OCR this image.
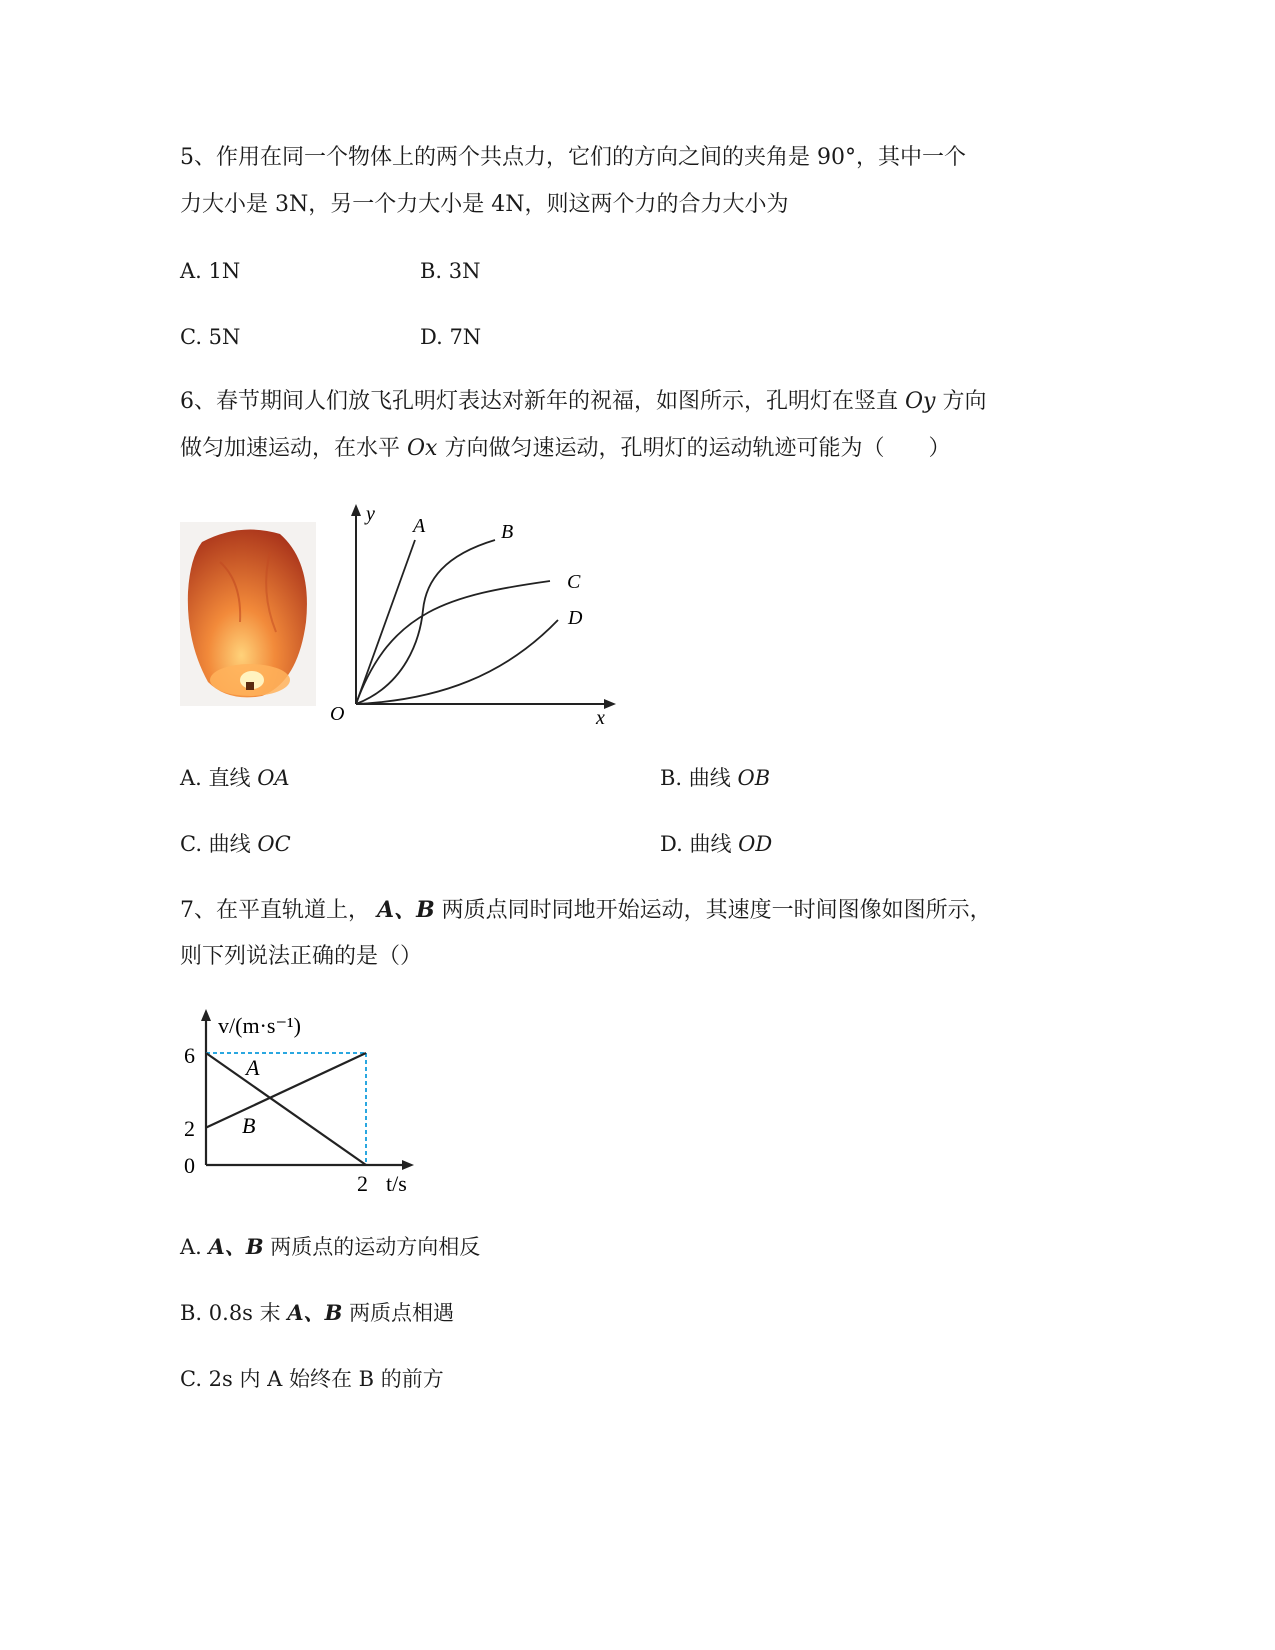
5、作用在同一个物体上的两个共点力，它们的方向之间的夹角是 90°，其中一个
力大小是 3N，另一个力大小是 4N，则这两个力的合力大小为
A. 1N	B. 3N
C. 5N	D. 7N
6、春节期间人们放飞孔明灯表达对新年的祝福，如图所示，孔明灯在竖直 Oy 方向
做匀加速运动，在水平 Ox 方向做匀速运动，孔明灯的运动轨迹可能为（　　）
y
x
O
A	B
C
D
A. 直线 OA	B. 曲线 OB
C. 曲线 OC	D. 曲线 OD
7、在平直轨道上， A、B 两质点同时同地开始运动，其速度一时间图像如图所示，
则下列说法正确的是（）
v/(m·s⁻¹)
t/s
6
2
0
2
A
B
A. A、B 两质点的运动方向相反
B. 0.8s 末 A、B 两质点相遇
C. 2s 内 A 始终在 B 的前方
